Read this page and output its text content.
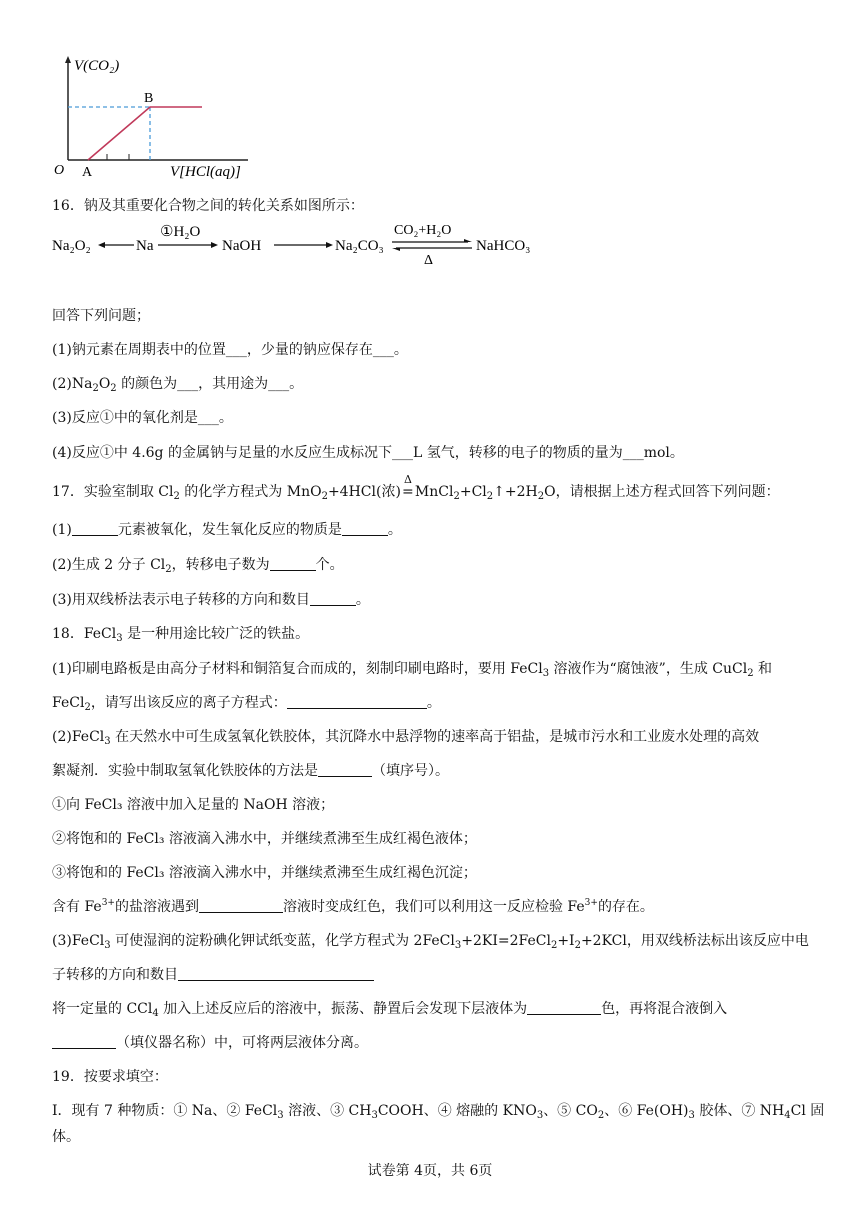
V(CO₂)
B
O A	V[HCl(aq)]
16．钠及其重要化合物之间的转化关系如图所示：
Na₂O₂	Na
①H₂O
NaOH	Na₂CO₃
CO₂+H₂O
Δ
NaHCO₃
回答下列问题；
(1)钠元素在周期表中的位置___，少量的钠应保存在___。
$(2)Na_2O_2$ 的颜色为___，其用途为___。
(3)反应①中的氧化剂是___。
(4)反应①中 4.6g 的金属钠与足量的水反应生成标况下___L 氢气，转移的电子的物质的量为___mol。
17．实验室制取 $Cl_2$ 的化学方程式为 MnO$_2$+4HCl(浓)
Δ
$=MnCl_2+Cl_2↑+2H_2O$，请根据上述方程式回答下列问题：
(1)	元素被氧化，发生氧化反应的物质是	。
(2)生成 2 分子 $Cl_2$，转移电子数为	个。
(3)用双线桥法表示电子转移的方向和数目	。
18．FeCl$_3$ 是一种用途比较广泛的铁盐。
(1)印刷电路板是由高分子材料和铜箔复合而成的，刻制印刷电路时，要用 FeCl$_3$ 溶液作为“腐蚀液”，生成 CuCl$_2$ 和
FeCl$_2$，请写出该反应的离子方程式：	。
(2)FeCl$_3$ 在天然水中可生成氢氧化铁胶体，其沉降水中悬浮物的速率高于铝盐，是城市污水和工业废水处理的高效
絮凝剂．实验中制取氢氧化铁胶体的方法是	（填序号）。
①向 FeCl₃ 溶液中加入足量的 NaOH 溶液；
②将饱和的 FeCl₃ 溶液滴入沸水中，并继续煮沸至生成红褐色液体；
③将饱和的 FeCl₃ 溶液滴入沸水中，并继续煮沸至生成红褐色沉淀；
含有 $Fe^{3+}$的盐溶液遇到	溶液时变成红色，我们可以利用这一反应检验 $Fe^{3+}$的存在。
(3)FeCl$_3$ 可使湿润的淀粉碘化钾试纸变蓝，化学方程式为 $2FeCl_3+2KI=2FeCl_2+I_2+2KCl$，用双线桥法标出该反应中电
子转移的方向和数目
将一定量的 CCl$_4$ 加入上述反应后的溶液中，振荡、静置后会发现下层液体为	色，再将混合液倒入
（填仪器名称）中，可将两层液体分离。
19．按要求填空：
I．现有 7 种物质：① Na、② FeCl$_3$ 溶液、③ $CH_3COOH$、④ 熔融的 $KNO_3$、⑤ $CO_2$、⑥ $Fe(OH)_3$ 胶体、⑦ $NH_4Cl$ 固
体。
试卷第 4页，共 6页
